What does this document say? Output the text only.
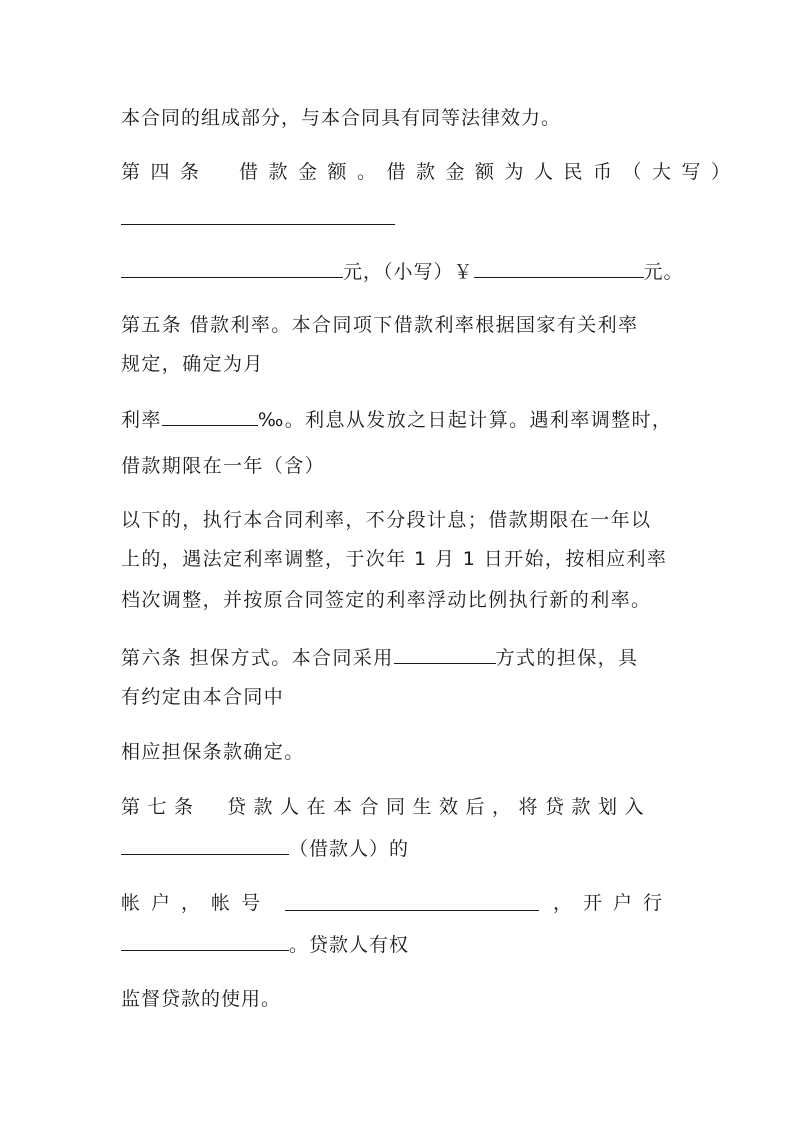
本合同的组成部分，与本合同具有同等法律效力。
第四条　借款金额。借款金额为人民币（大写）
元，（小写）￥	元。
第五条 借款利率。本合同项下借款利率根据国家有关利率
规定，确定为月
利率	‰。利息从发放之日起计算。遇利率调整时，
借款期限在一年（含）
以下的，执行本合同利率，不分段计息；借款期限在一年以
上的，遇法定利率调整，于次年 1 月 1 日开始，按相应利率
档次调整，并按原合同签定的利率浮动比例执行新的利率。
第六条 担保方式。本合同采用	方式的担保，具
有约定由本合同中
相应担保条款确定。
第七条　贷款人在本合同生效后，将贷款划入
（借款人）的
帐户，帐号	，开户行
。贷款人有权
监督贷款的使用。
